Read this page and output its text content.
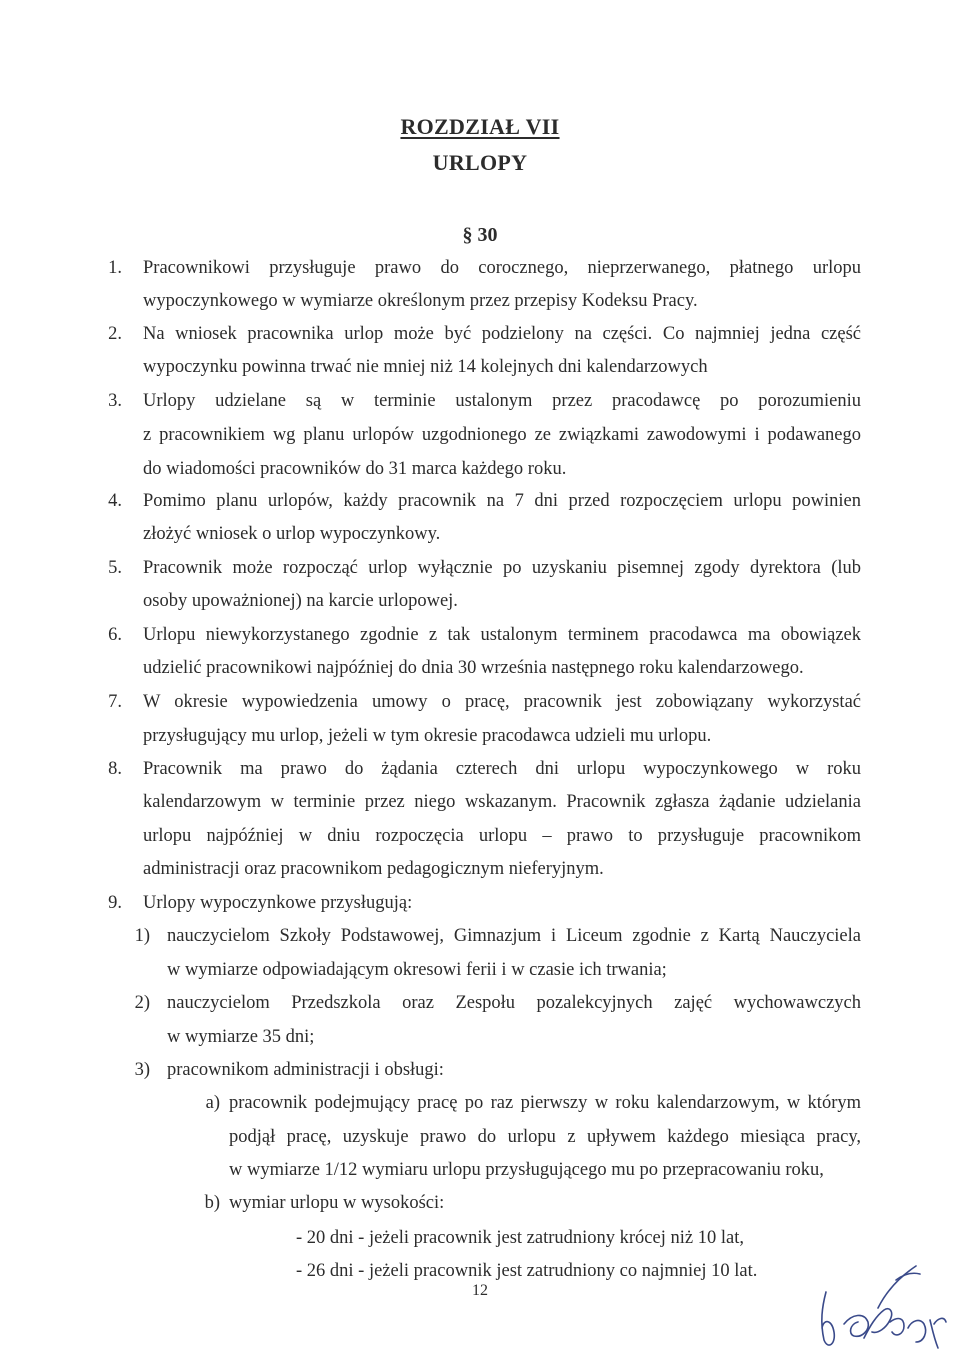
ROZDZIAŁ VII
URLOPY
§ 30
1. Pracownikowi przysługuje prawo do corocznego, nieprzerwanego, płatnego urlopu
wypoczynkowego w wymiarze określonym przez przepisy Kodeksu Pracy.
2. Na wniosek pracownika urlop może być podzielony na części. Co najmniej jedna część
wypoczynku powinna trwać nie mniej niż 14 kolejnych dni kalendarzowych
3. Urlopy udzielane są w terminie ustalonym przez pracodawcę po porozumieniu
z pracownikiem wg planu urlopów uzgodnionego ze związkami zawodowymi i podawanego
do wiadomości pracowników do 31 marca każdego roku.
4. Pomimo planu urlopów, każdy pracownik na 7 dni przed rozpoczęciem urlopu powinien
złożyć wniosek o urlop wypoczynkowy.
5. Pracownik może rozpocząć urlop wyłącznie po uzyskaniu pisemnej zgody dyrektora (lub
osoby upoważnionej) na karcie urlopowej.
6. Urlopu niewykorzystanego zgodnie z tak ustalonym terminem pracodawca ma obowiązek
udzielić pracownikowi najpóźniej do dnia 30 września następnego roku kalendarzowego.
7. W okresie wypowiedzenia umowy o pracę, pracownik jest zobowiązany wykorzystać
przysługujący mu urlop, jeżeli w tym okresie pracodawca udzieli mu urlopu.
8. Pracownik ma prawo do żądania czterech dni urlopu wypoczynkowego w roku
kalendarzowym w terminie przez niego wskazanym. Pracownik zgłasza żądanie udzielania
urlopu najpóźniej w dniu rozpoczęcia urlopu – prawo to przysługuje pracownikom
administracji oraz pracownikom pedagogicznym nieferyjnym.
9. Urlopy wypoczynkowe przysługują:
1) nauczycielom Szkoły Podstawowej, Gimnazjum i Liceum zgodnie z Kartą Nauczyciela
w wymiarze odpowiadającym okresowi ferii i w czasie ich trwania;
2) nauczycielom Przedszkola oraz Zespołu pozalekcyjnych zajęć wychowawczych
w wymiarze 35 dni;
3) pracownikom administracji i obsługi:
a) pracownik podejmujący pracę po raz pierwszy w roku kalendarzowym, w którym
podjął pracę, uzyskuje prawo do urlopu z upływem każdego miesiąca pracy,
w wymiarze 1/12 wymiaru urlopu przysługującego mu po przepracowaniu roku,
b) wymiar urlopu w wysokości:
- 20 dni - jeżeli pracownik jest zatrudniony krócej niż 10 lat,
- 26 dni - jeżeli pracownik jest zatrudniony co najmniej 10 lat.
12
